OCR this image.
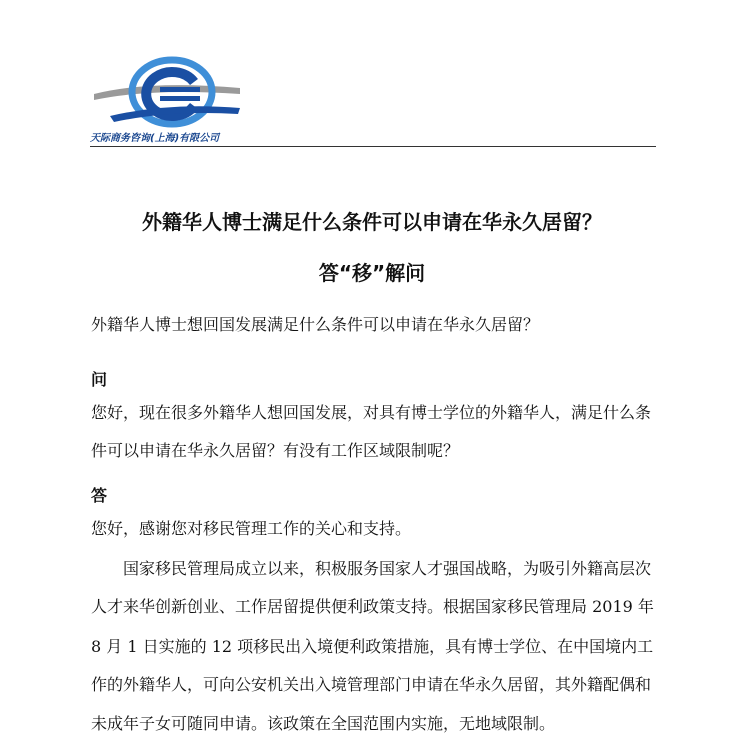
天际商务咨询(上海)有限公司
外籍华人博士满足什么条件可以申请在华永久居留？
答“移”解问
外籍华人博士想回国发展满足什么条件可以申请在华永久居留？
问
您好，现在很多外籍华人想回国发展，对具有博士学位的外籍华人，满足什么条
件可以申请在华永久居留？有没有工作区域限制呢？
答
您好，感谢您对移民管理工作的关心和支持。
国家移民管理局成立以来，积极服务国家人才强国战略，为吸引外籍高层次
人才来华创新创业、工作居留提供便利政策支持。根据国家移民管理局 2019 年
8 月 1 日实施的 12 项移民出入境便利政策措施，具有博士学位、在中国境内工
作的外籍华人，可向公安机关出入境管理部门申请在华永久居留，其外籍配偶和
未成年子女可随同申请。该政策在全国范围内实施，无地域限制。
